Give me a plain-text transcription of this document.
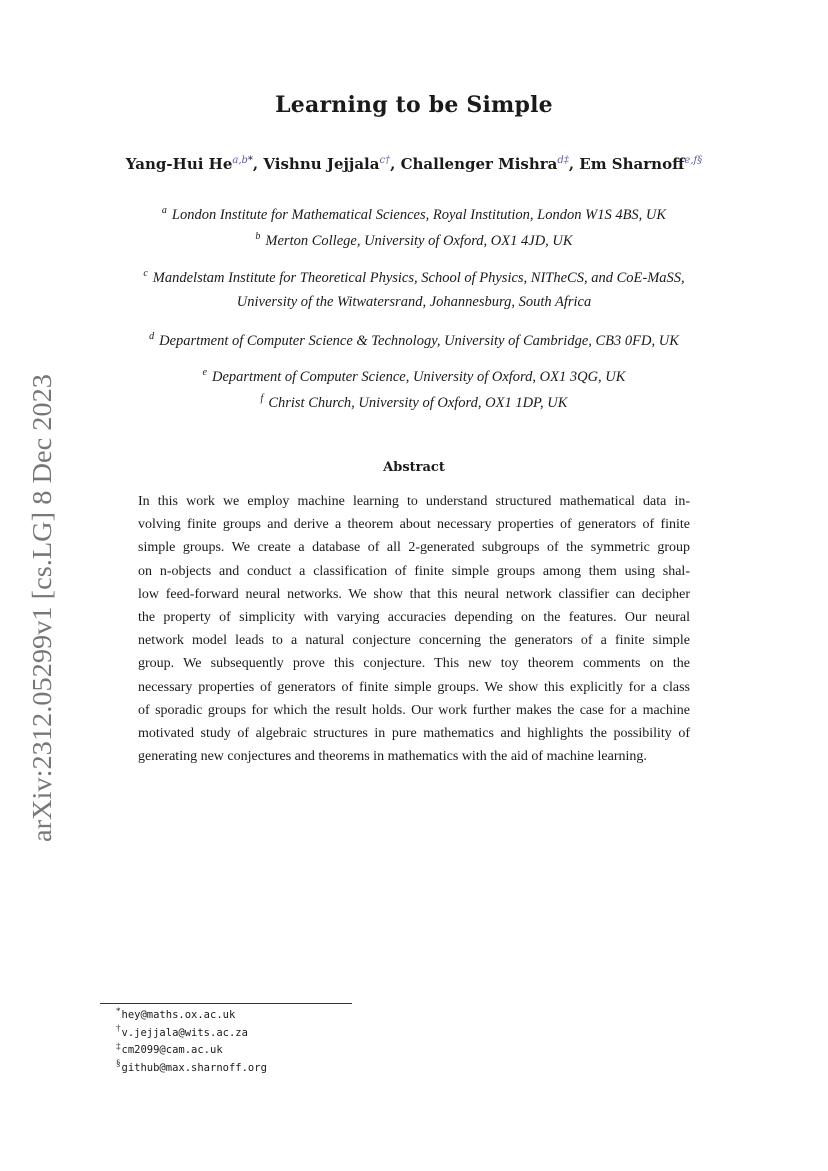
arXiv:2312.05299v1 [cs.LG] 8 Dec 2023
Learning to be Simple
Yang-Hui $He^{a,b*}$, Vishnu Jejjala$^{c\dagger}$, Challenger Mishra$^{d\ddagger}$, Em Sharnoff$^{e,f\S}$
$^a$ London Institute for Mathematical Sciences, Royal Institution, London W1S 4BS, UK
$^b$ Merton College, University of Oxford, OX1 4JD, UK
$^c$ Mandelstam Institute for Theoretical Physics, School of Physics, NITheCS, and CoE-MaSS,
University of the Witwatersrand, Johannesburg, South Africa
$^d$ Department of Computer Science & Technology, University of Cambridge, CB3 0FD, UK
$^e$ Department of Computer Science, University of Oxford, OX1 3QG, UK
$^f$ Christ Church, University of Oxford, OX1 1DP, UK
Abstract
In this work we employ machine learning to understand structured mathematical data in-
volving finite groups and derive a theorem about necessary properties of generators of finite
simple groups. We create a database of all 2-generated subgroups of the symmetric group
on n-objects and conduct a classification of finite simple groups among them using shal-
low feed-forward neural networks. We show that this neural network classifier can decipher
the property of simplicity with varying accuracies depending on the features. Our neural
network model leads to a natural conjecture concerning the generators of a finite simple
group. We subsequently prove this conjecture. This new toy theorem comments on the
necessary properties of generators of finite simple groups. We show this explicitly for a class
of sporadic groups for which the result holds. Our work further makes the case for a machine
motivated study of algebraic structures in pure mathematics and highlights the possibility of
generating new conjectures and theorems in mathematics with the aid of machine learning.
*hey@maths.ox.ac.uk
†v.jejjala@wits.ac.za
‡cm2099@cam.ac.uk
§github@max.sharnoff.org
